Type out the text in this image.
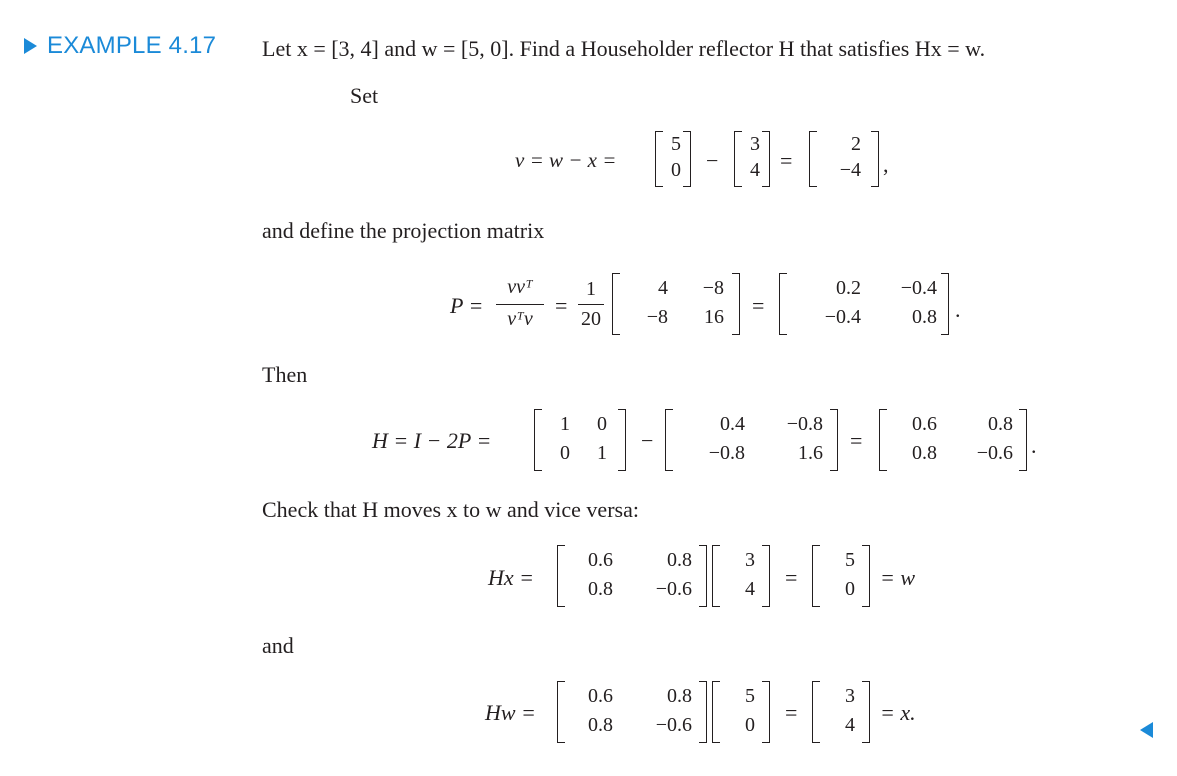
EXAMPLE 4.17 Let x = [3, 4] and w = [5, 0]. Find a Householder reflector H that satisfies Hx = w.
Set
v = w − x =
5
0 −
3
4 =
2
−4 ,
and define the projection matrix
P =
vvᵀ
vᵀv
=
1
20
4	−8
−8	16 =
0.2	−0.4
−0.4	0.8 .
Then
H = I − 2P =
1	0
0	1 −
0.4	−0.8
−0.8	1.6 =
0.6	0.8
0.8	−0.6 .
Check that H moves x to w and vice versa:
Hx =
0.6	0.8
0.8	−0.6
3
4 =
5
0 = w
and
Hw =
0.6	0.8
0.8	−0.6
5
0 =
3
4 = x.
